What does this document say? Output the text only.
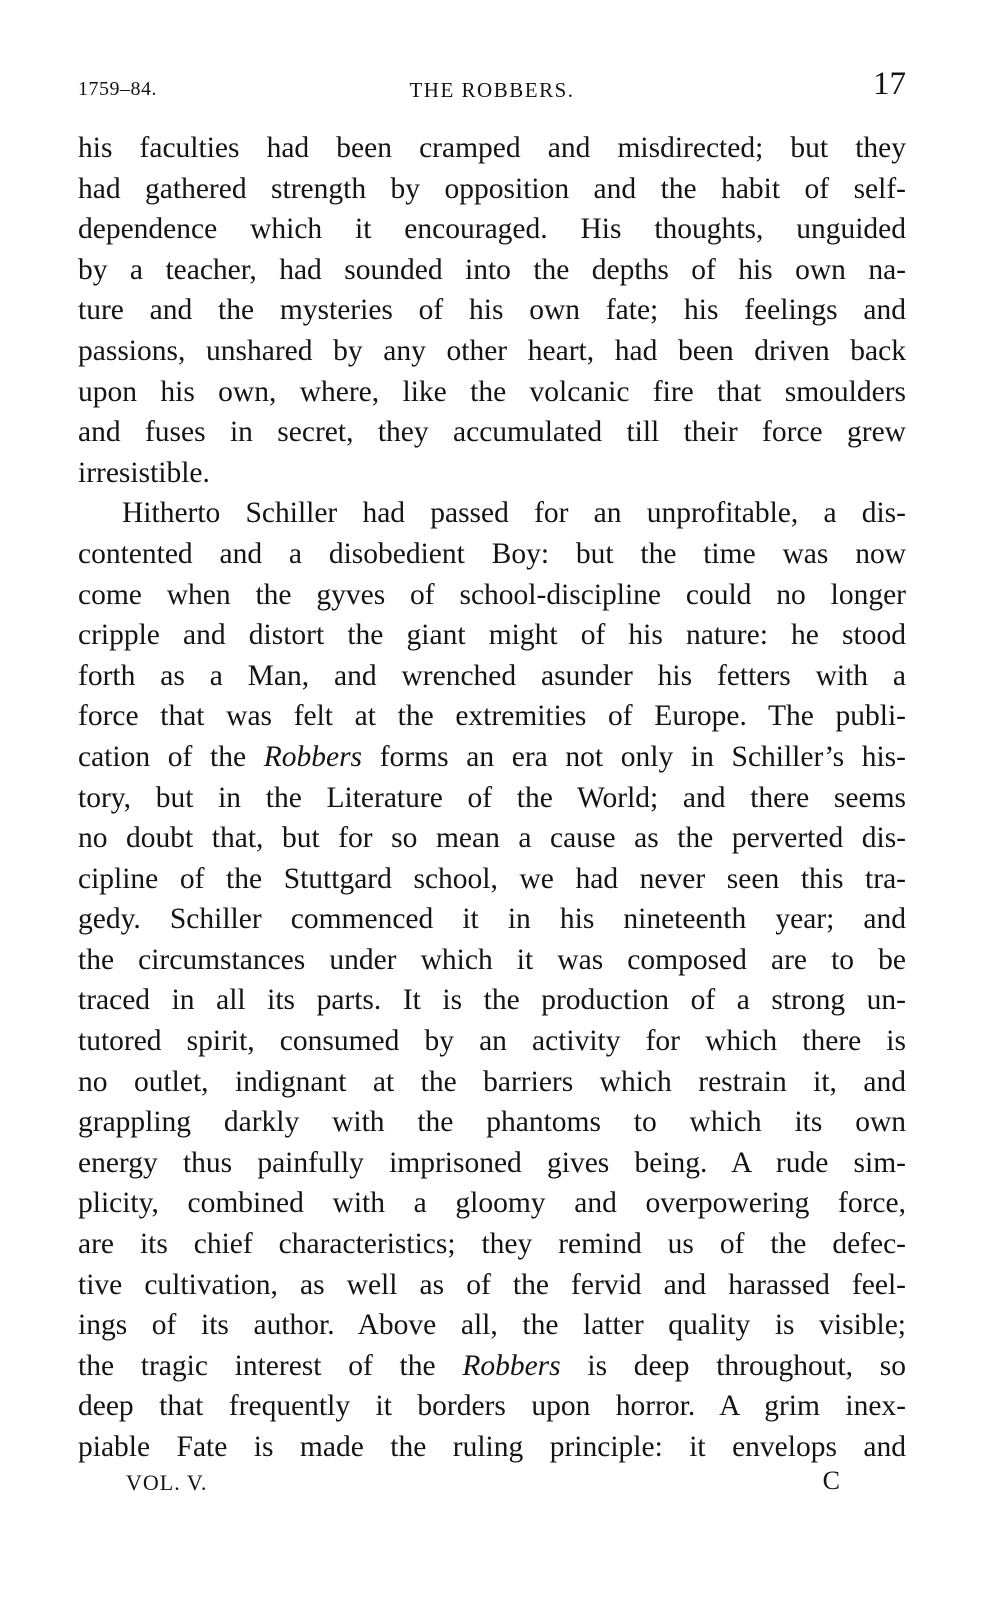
1759–84.	THE ROBBERS.	17
his faculties had been cramped and misdirected; but they
had gathered strength by opposition and the habit of self-
dependence which it encouraged. His thoughts, unguided
by a teacher, had sounded into the depths of his own na-
ture and the mysteries of his own fate; his feelings and
passions, unshared by any other heart, had been driven back
upon his own, where, like the volcanic fire that smoulders
and fuses in secret, they accumulated till their force grew
irresistible.
Hitherto Schiller had passed for an unprofitable, a dis-
contented and a disobedient Boy: but the time was now
come when the gyves of school-discipline could no longer
cripple and distort the giant might of his nature: he stood
forth as a Man, and wrenched asunder his fetters with a
force that was felt at the extremities of Europe. The publi-
cation of the Robbers forms an era not only in Schiller’s his-
tory, but in the Literature of the World; and there seems
no doubt that, but for so mean a cause as the perverted dis-
cipline of the Stuttgard school, we had never seen this tra-
gedy. Schiller commenced it in his nineteenth year; and
the circumstances under which it was composed are to be
traced in all its parts. It is the production of a strong un-
tutored spirit, consumed by an activity for which there is
no outlet, indignant at the barriers which restrain it, and
grappling darkly with the phantoms to which its own
energy thus painfully imprisoned gives being. A rude sim-
plicity, combined with a gloomy and overpowering force,
are its chief characteristics; they remind us of the defec-
tive cultivation, as well as of the fervid and harassed feel-
ings of its author. Above all, the latter quality is visible;
the tragic interest of the Robbers is deep throughout, so
deep that frequently it borders upon horror. A grim inex-
piable Fate is made the ruling principle: it envelops and
VOL. V.	C
